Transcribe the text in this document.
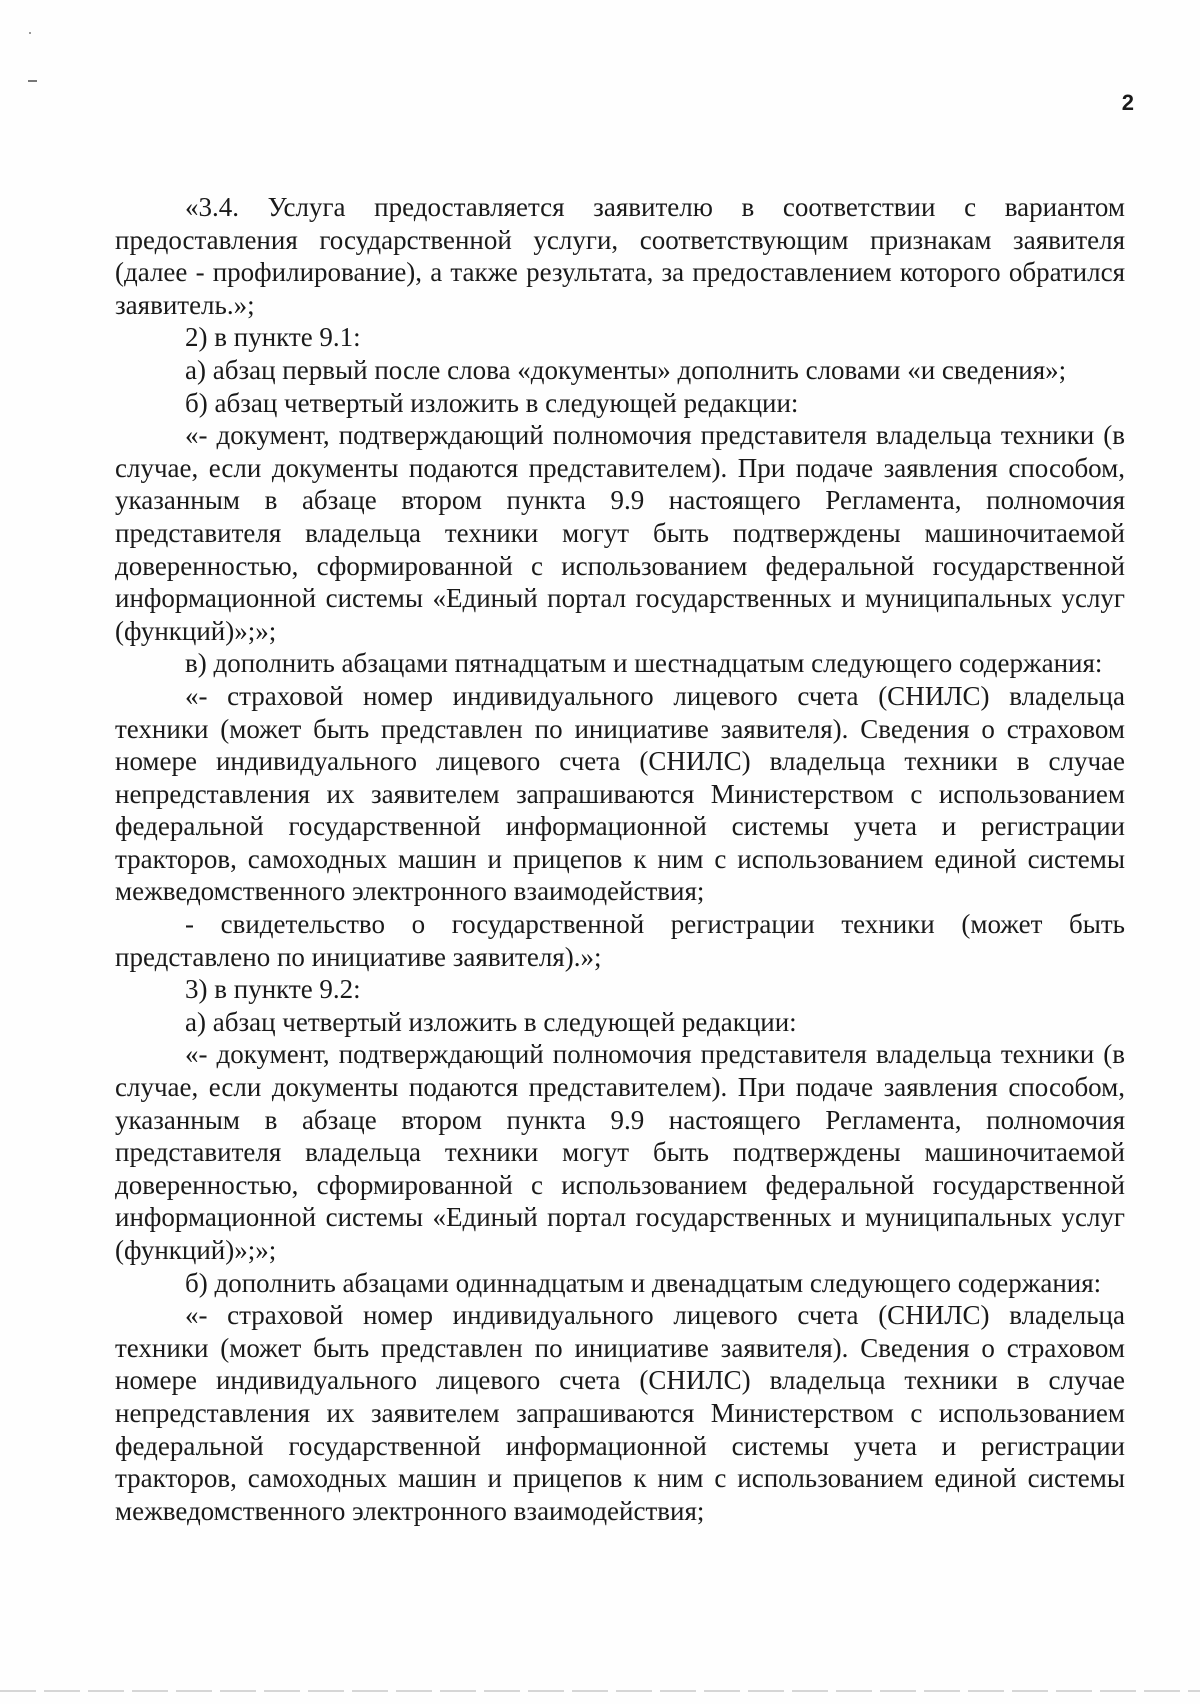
2

«3.4. Услуга предоставляется заявителю в соответствии с вариантом предоставления государственной услуги, соответствующим признакам заявителя (далее - профилирование), а также результата, за предоставлением которого обратился заявитель.»;

2) в пункте 9.1:

а) абзац первый после слова «документы» дополнить словами «и сведения»;

б) абзац четвертый изложить в следующей редакции:

«- документ, подтверждающий полномочия представителя владельца техники (в случае, если документы подаются представителем). При подаче заявления способом, указанным в абзаце втором пункта 9.9 настоящего Регламента, полномочия представителя владельца техники могут быть подтверждены машиночитаемой доверенностью, сформированной с использованием федеральной государственной информационной системы «Единый портал государственных и муниципальных услуг (функций)»;»;

в) дополнить абзацами пятнадцатым и шестнадцатым следующего содержания:

«- страховой номер индивидуального лицевого счета (СНИЛС) владельца техники (может быть представлен по инициативе заявителя). Сведения о страховом номере индивидуального лицевого счета (СНИЛС) владельца техники в случае непредставления их заявителем запрашиваются Министерством с использованием федеральной государственной информационной системы учета и регистрации тракторов, самоходных машин и прицепов к ним с использованием единой системы межведомственного электронного взаимодействия;

- свидетельство о государственной регистрации техники (может быть представлено по инициативе заявителя).»;

3) в пункте 9.2:

а) абзац четвертый изложить в следующей редакции:

«- документ, подтверждающий полномочия представителя владельца техники (в случае, если документы подаются представителем). При подаче заявления способом, указанным в абзаце втором пункта 9.9 настоящего Регламента, полномочия представителя владельца техники могут быть подтверждены машиночитаемой доверенностью, сформированной с использованием федеральной государственной информационной системы «Единый портал государственных и муниципальных услуг (функций)»;»;

б) дополнить абзацами одиннадцатым и двенадцатым следующего содержания:

«- страховой номер индивидуального лицевого счета (СНИЛС) владельца техники (может быть представлен по инициативе заявителя). Сведения о страховом номере индивидуального лицевого счета (СНИЛС) владельца техники в случае непредставления их заявителем запрашиваются Министерством с использованием федеральной государственной информационной системы учета и регистрации тракторов, самоходных машин и прицепов к ним с использованием единой системы межведомственного электронного взаимодействия;
